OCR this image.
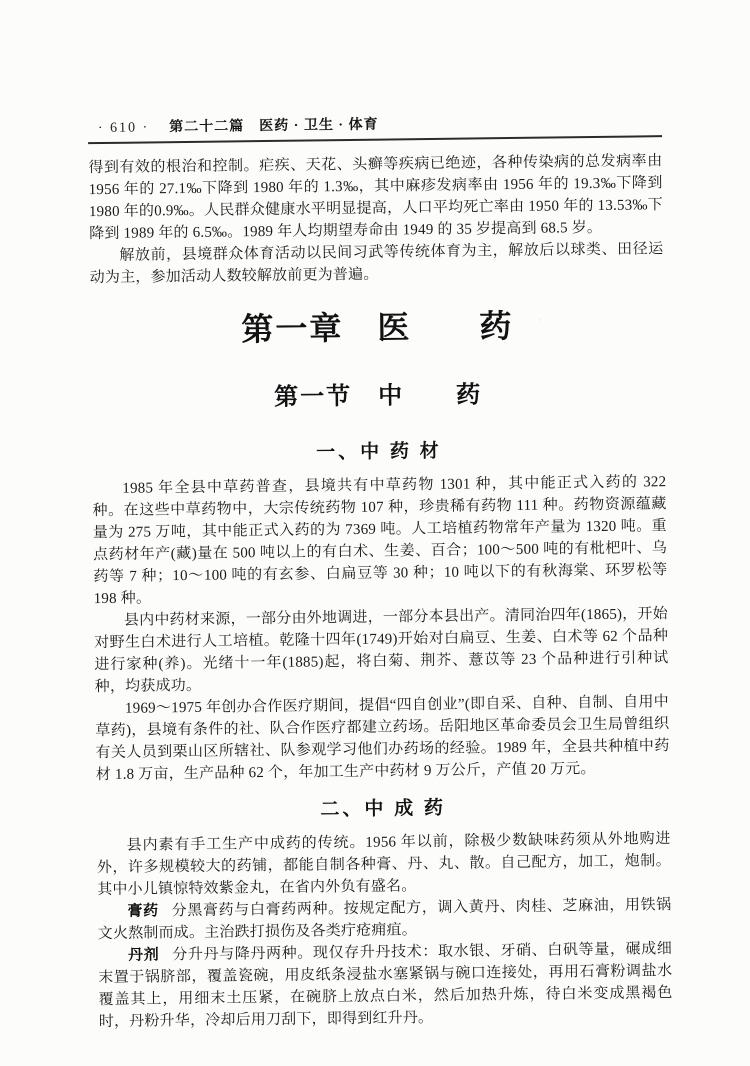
· 610 · 第二十二篇　医药 · 卫生 · 体育

得到有效的根治和控制。疟疾、天花、头癣等疾病已绝迹，各种传染病的总发病率由 1956 年的 27.1‰下降到 1980 年的 1.3‰，其中麻疹发病率由 1956 年的 19.3‰下降到 1980 年的0.9‰。人民群众健康水平明显提高，人口平均死亡率由 1950 年的 13.53‰下降到 1989 年的 6.5‰。1989 年人均期望寿命由 1949 的 35 岁提高到 68.5 岁。

解放前，县境群众体育活动以民间习武等传统体育为主，解放后以球类、田径运动为主，参加活动人数较解放前更为普遍。

第一章　医　　药
第一节　中　　药
一、中 药 材

1985 年全县中草药普查，县境共有中草药物 1301 种，其中能正式入药的 322 种。在这些中草药物中，大宗传统药物 107 种，珍贵稀有药物 111 种。药物资源蕴藏量为 275 万吨，其中能正式入药的为 7369 吨。人工培植药物常年产量为 1320 吨。重点药材年产(藏)量在 500 吨以上的有白术、生姜、百合；100～500 吨的有枇杷叶、乌药等 7 种；10～100 吨的有玄参、白扁豆等 30 种；10 吨以下的有秋海棠、环罗松等 198 种。

县内中药材来源，一部分由外地调进，一部分本县出产。清同治四年(1865)，开始对野生白术进行人工培植。乾隆十四年(1749)开始对白扁豆、生姜、白术等 62 个品种进行家种(养)。光绪十一年(1885)起，将白菊、荆芥、薏苡等 23 个品种进行引种试种，均获成功。

1969～1975 年创办合作医疗期间，提倡“四自创业”(即自采、自种、自制、自用中草药)，县境有条件的社、队合作医疗都建立药场。岳阳地区革命委员会卫生局曾组织有关人员到栗山区所辖社、队参观学习他们办药场的经验。1989 年，全县共种植中药材 1.8 万亩，生产品种 62 个，年加工生产中药材 9 万公斤，产值 20 万元。

二、中 成 药

县内素有手工生产中成药的传统。1956 年以前，除极少数缺味药须从外地购进外，许多规模较大的药铺，都能自制各种膏、丹、丸、散。自己配方，加工，炮制。其中小儿镇惊特效紫金丸，在省内外负有盛名。

膏药 分黑膏药与白膏药两种。按规定配方，调入黄丹、肉桂、芝麻油，用铁锅文火熬制而成。主治跌打损伤及各类疔疮痈疽。

丹剂 分升丹与降丹两种。现仅存升丹技术：取水银、牙硝、白矾等量，碾成细末置于锅脐部，覆盖瓷碗，用皮纸条浸盐水塞紧锅与碗口连接处，再用石膏粉调盐水覆盖其上，用细末土压紧，在碗脐上放点白米，然后加热升炼，待白米变成黑褐色时，丹粉升华，冷却后用刀刮下，即得到红升丹。
